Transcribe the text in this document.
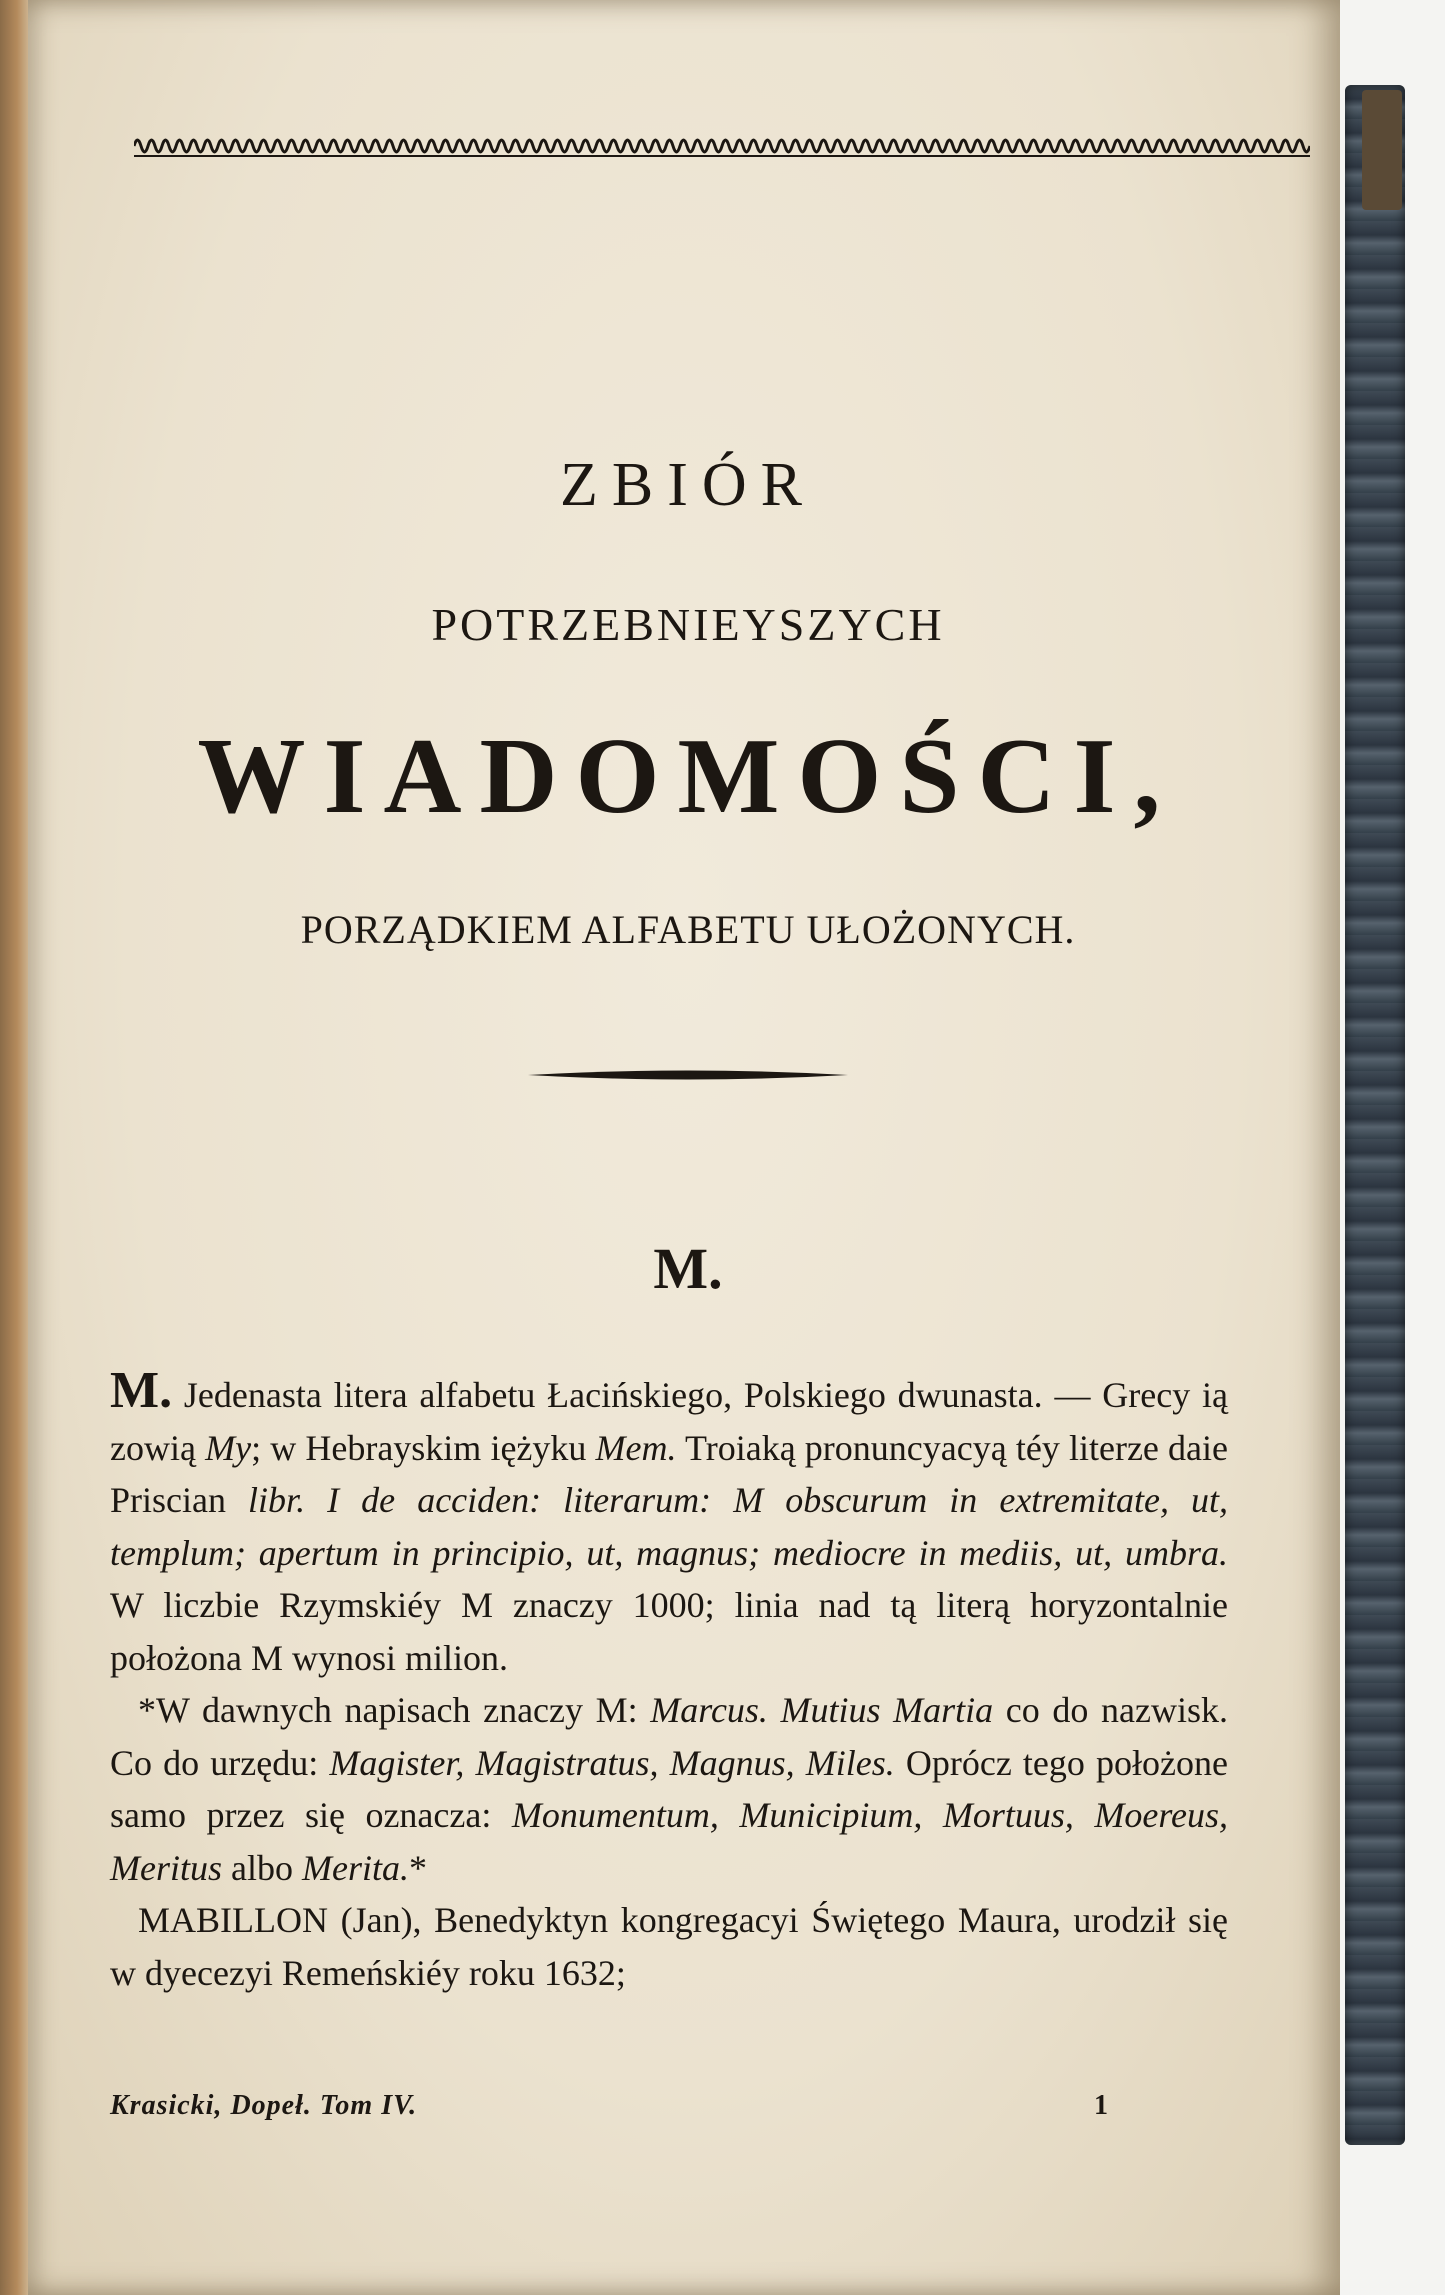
ZBIÓR
POTRZEBNIEYSZYCH
WIADOMOŚCI,
PORZĄDKIEM ALFABETU UŁOŻONYCH.
M.

M. Jedenasta litera alfabetu Łacińskiego, Polskiego dwunasta. — Grecy ią zowią My; w Hebrayskim iężyku Mem. Troiaką pronuncyacyą téy literze daie Priscian libr. I de acciden: literarum: M obscurum in extremitate, ut, templum; apertum in principio, ut, magnus; mediocre in mediis, ut, umbra. W liczbie Rzymskiéy M znaczy 1000; linia nad tą literą horyzontalnie położona M wynosi milion.

*W dawnych napisach znaczy M: Marcus. Mutius Martia co do nazwisk. Co do urzędu: Magister, Magistratus, Magnus, Miles. Oprócz tego położone samo przez się oznacza: Monumentum, Municipium, Mortuus, Moereus, Meritus albo Merita.*

MABILLON (Jan), Benedyktyn kongregacyi Świętego Maura, urodził się w dyecezyi Remeńskiéy roku 1632;

Krasicki, Dopeł. Tom IV.	1
